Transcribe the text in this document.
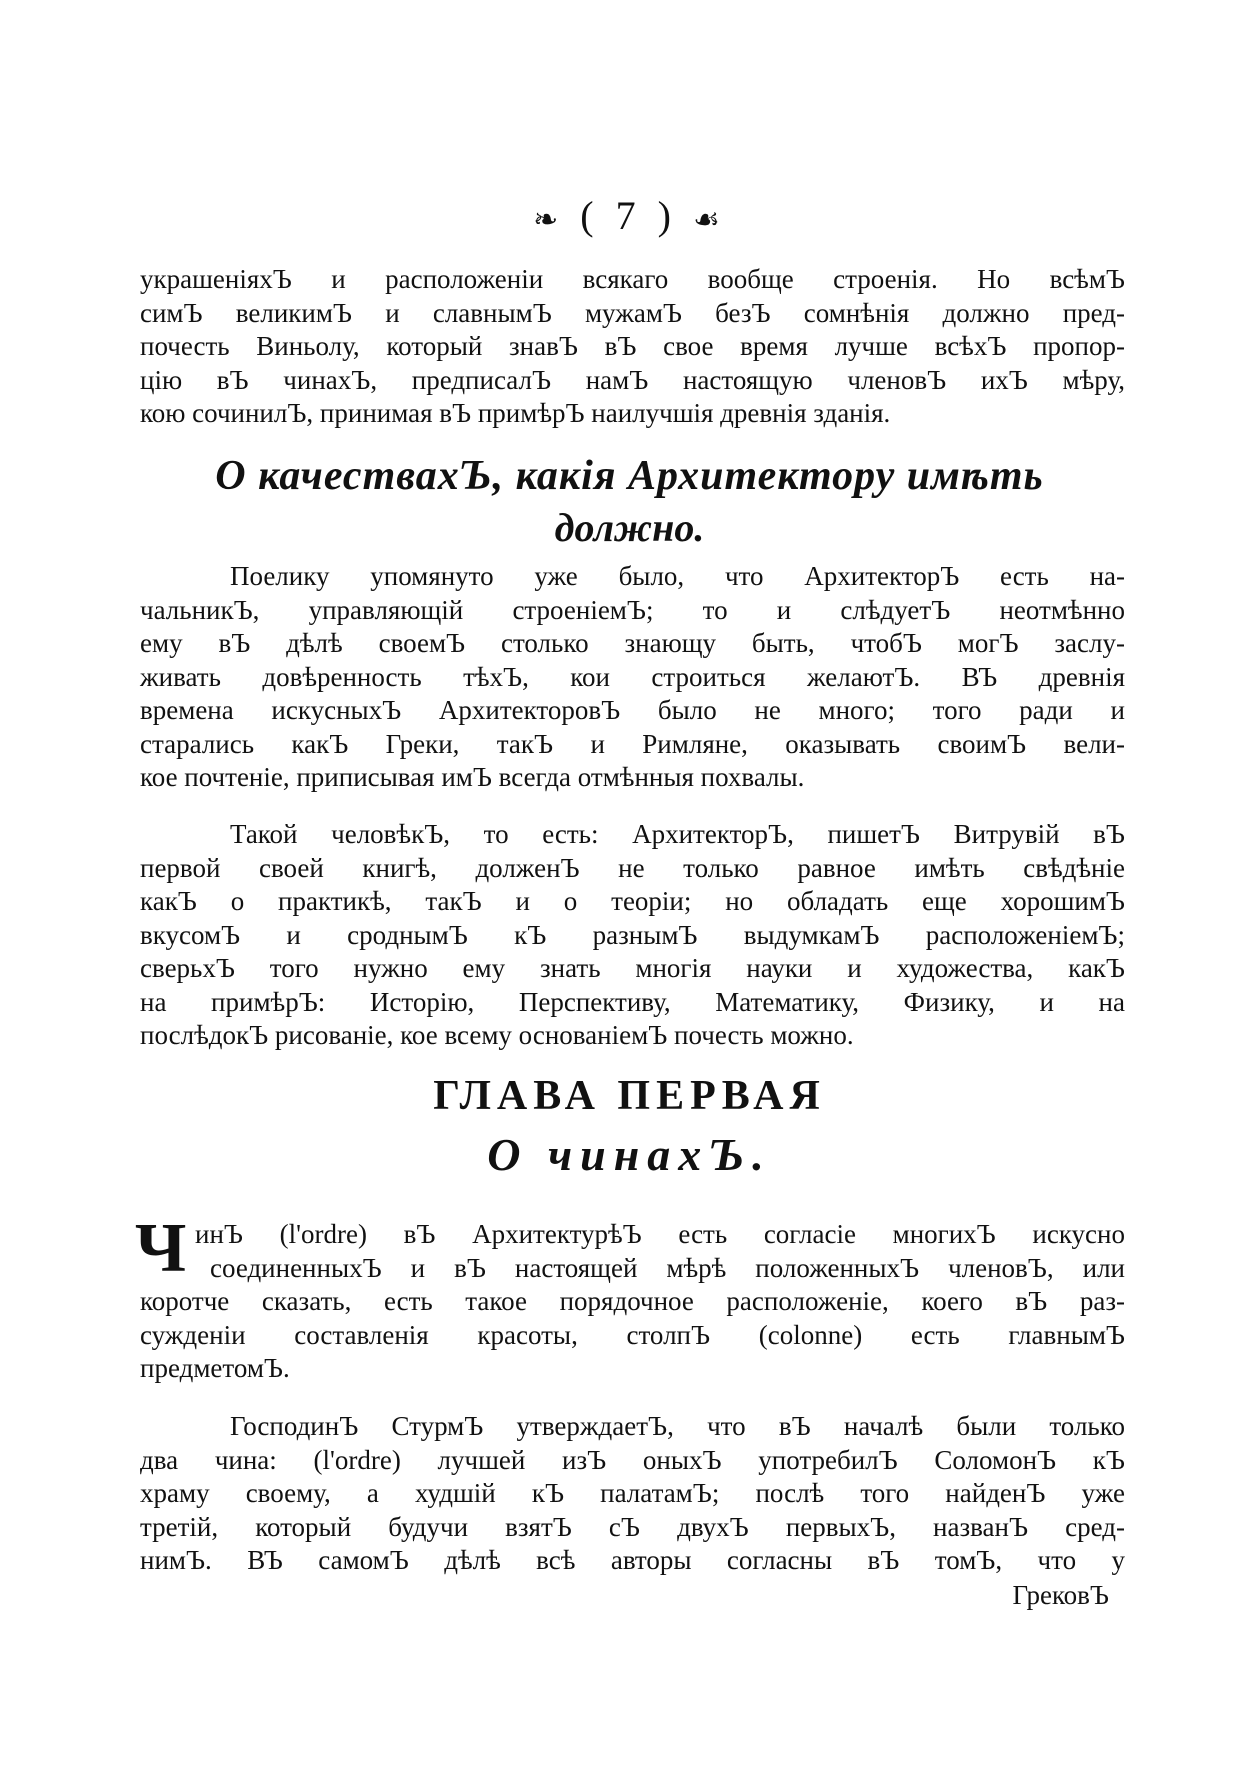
❧ ( 7 ) ☙
украшеніяхЪ и расположеніи всякаго вообще строенія. Но всѣмЪ
симЪ великимЪ и славнымЪ мужамЪ безЪ сомнѣнія должно пред-
почесть Виньолу, который знавЪ вЪ свое время лучше всѣхЪ пропор-
цію вЪ чинахЪ, предписалЪ намЪ настоящую членовЪ ихЪ мѣру,
кою сочинилЪ, принимая вЪ примѣрЪ наилучшія древнія зданія.
О качествахЪ, какія Архитектору имѣть
должно.
Поелику упомянуто уже было, что АрхитекторЪ есть на-
чальникЪ, управляющій строеніемЪ; то и слѣдуетЪ неотмѣнно
ему вЪ дѣлѣ своемЪ столько знающу быть, чтобЪ могЪ заслу-
живать довѣренность тѣхЪ, кои строиться желаютЪ. ВЪ древнія
времена искусныхЪ АрхитекторовЪ было не много; того ради и
старались какЪ Греки, такЪ и Римляне, оказывать своимЪ вели-
кое почтеніе, приписывая имЪ всегда отмѣнныя похвалы.
Такой человѣкЪ, то есть: АрхитекторЪ, пишетЪ Витрувій вЪ
первой своей книгѣ, долженЪ не только равное имѣть свѣдѣніе
какЪ о практикѣ, такЪ и о теоріи; но обладать еще хорошимЪ
вкусомЪ и сроднымЪ кЪ разнымЪ выдумкамЪ расположеніемЪ;
сверьхЪ того нужно ему знать многія науки и художества, какЪ
на примѣрЪ: Исторію, Перспективу, Математику, Физику, и на
послѣдокЪ рисованіе, кое всему основаніемЪ почесть можно.
ГЛАВА ПЕРВАЯ
О чинахЪ.
Ч инЪ (l'ordre) вЪ АрхитектурѣЪ есть согласіе многихЪ искусно
соединенныхЪ и вЪ настоящей мѣрѣ положенныхЪ членовЪ, или
коротче сказать, есть такое порядочное расположеніе, коего вЪ раз-
сужденіи составленія красоты, столпЪ (colonne) есть главнымЪ
предметомЪ.
ГосподинЪ СтурмЪ утверждаетЪ, что вЪ началѣ были только
два чина: (l'ordre) лучшей изЪ оныхЪ употребилЪ СоломонЪ кЪ
храму своему, а худшій кЪ палатамЪ; послѣ того найденЪ уже
третій, который будучи взятЪ сЪ двухЪ первыхЪ, названЪ сред-
нимЪ. ВЪ самомЪ дѣлѣ всѣ авторы согласны вЪ томЪ, что у
ГрековЪ
